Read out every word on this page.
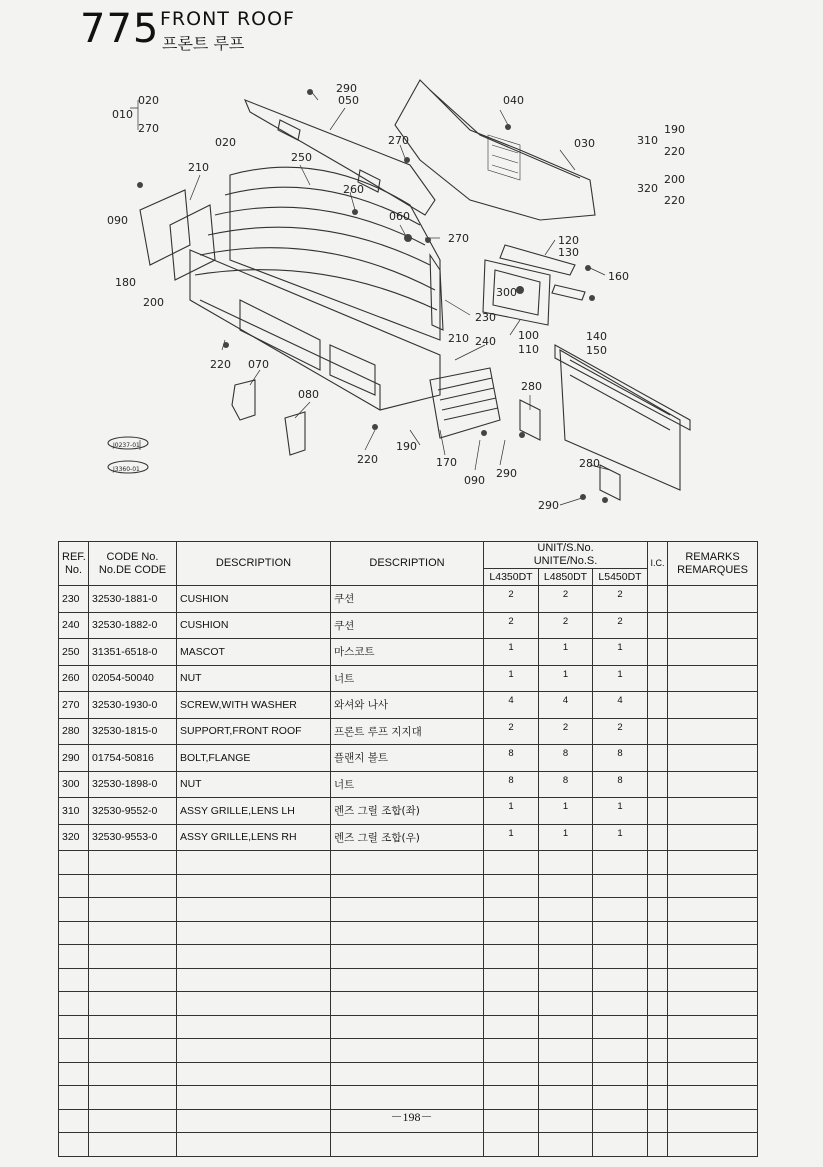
775 FRONT ROOF
프론트 루프
020
010
270
290
050	040
270	030
190
310
220
200
320
220
020
250
210
260
090	060
270	120
130
160
180
200
300
230
100
110
140
150
210 240
220 070
080
280
190
170
090
290
220	280
290
J0237-01
J3360-01
REF.
No.	CODE No.
No.DE CODE	DESCRIPTION	DESCRIPTION	UNIT/S.No.
UNITE/No.S.			I.C.	REMARKS
REMARQUES
				L4350DT	L4850DT	L5450DT		
230	32530-1881-0	CUSHION	쿠션	2	2	2		
240	32530-1882-0	CUSHION	쿠션	2	2	2		
250	31351-6518-0	MASCOT	마스코트	1	1	1		
260	02054-50040	NUT	너트	1	1	1		
270	32530-1930-0	SCREW,WITH WASHER	와셔와 나사	4	4	4		
280	32530-1815-0	SUPPORT,FRONT ROOF	프론트 루프 지지대	2	2	2		
290	01754-50816	BOLT,FLANGE	플랜지 볼트	8	8	8		
300	32530-1898-0	NUT	너트	8	8	8		
310	32530-9552-0	ASSY GRILLE,LENS LH	렌즈 그릴 조합(좌)	1	1	1		
320	32530-9553-0	ASSY GRILLE,LENS RH	렌즈 그릴 조합(우)	1	1	1		

－198－
